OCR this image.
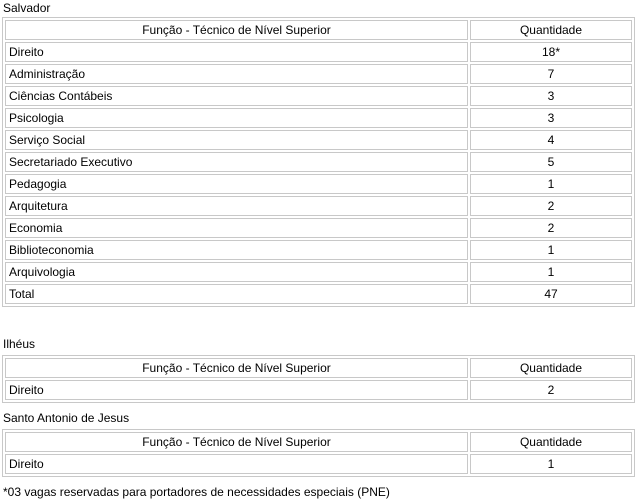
Salvador
Função - Técnico de Nível Superior	Quantidade
Direito	18*
Administração	7
Ciências Contábeis	3
Psicologia	3
Serviço Social	4
Secretariado Executivo	5
Pedagogia	1
Arquitetura	2
Economia	2
Biblioteconomia	1
Arquivologia	1
Total	47
Ilhéus
Função - Técnico de Nível Superior	Quantidade
Direito	2
Santo Antonio de Jesus
Função - Técnico de Nível Superior	Quantidade
Direito	1
*03 vagas reservadas para portadores de necessidades especiais (PNE)
